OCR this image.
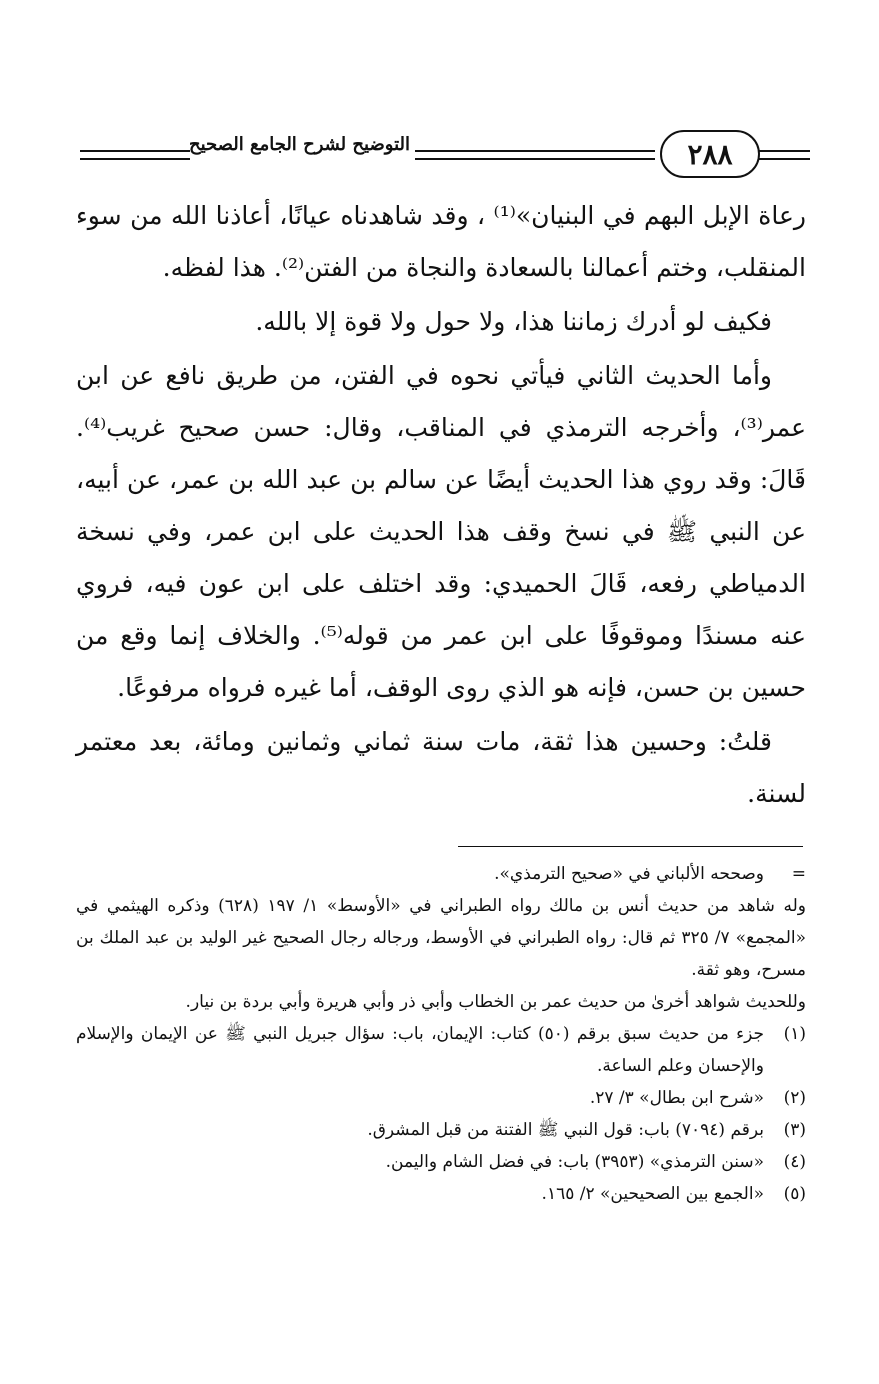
٢٨٨
التوضيح لشرح الجامع الصحيح

رعاة الإبل البهم في البنيان»⁽¹⁾ ، وقد شاهدناه عيانًا، أعاذنا الله من سوء المنقلب، وختم أعمالنا بالسعادة والنجاة من الفتن⁽²⁾. هذا لفظه.

فكيف لو أدرك زماننا هذا، ولا حول ولا قوة إلا بالله.

وأما الحديث الثاني فيأتي نحوه في الفتن، من طريق نافع عن ابن عمر⁽³⁾، وأخرجه الترمذي في المناقب، وقال: حسن صحيح غريب⁽⁴⁾. قَالَ: وقد روي هذا الحديث أيضًا عن سالم بن عبد الله بن عمر، عن أبيه، عن النبي ﷺ في نسخ وقف هذا الحديث على ابن عمر، وفي نسخة الدمياطي رفعه، قَالَ الحميدي: وقد اختلف على ابن عون فيه، فروي عنه مسندًا وموقوفًا على ابن عمر من قوله⁽⁵⁾. والخلاف إنما وقع من حسين بن حسن، فإنه هو الذي روى الوقف، أما غيره فرواه مرفوعًا.

قلتُ: وحسين هذا ثقة، مات سنة ثماني وثمانين ومائة، بعد معتمر لسنة.

=
وصححه الألباني في «صحيح الترمذي».
وله شاهد من حديث أنس بن مالك رواه الطبراني في «الأوسط» ١/ ١٩٧ (٦٢٨) وذكره الهيثمي في «المجمع» ٧/ ٣٢٥ ثم قال: رواه الطبراني في الأوسط، ورجاله رجال الصحيح غير الوليد بن عبد الملك بن مسرح، وهو ثقة.
وللحديث شواهد أخرىٰ من حديث عمر بن الخطاب وأبي ذر وأبي هريرة وأبي بردة بن نيار.
(١)
جزء من حديث سبق برقم (٥٠) كتاب: الإيمان، باب: سؤال جبريل النبي ﷺ عن الإيمان والإسلام والإحسان وعلم الساعة.
(٢)
«شرح ابن بطال» ٣/ ٢٧.
(٣)
برقم (٧٠٩٤) باب: قول النبي ﷺ الفتنة من قبل المشرق.
(٤)
«سنن الترمذي» (٣٩٥٣) باب: في فضل الشام واليمن.
(٥)
«الجمع بين الصحيحين» ٢/ ١٦٥.
